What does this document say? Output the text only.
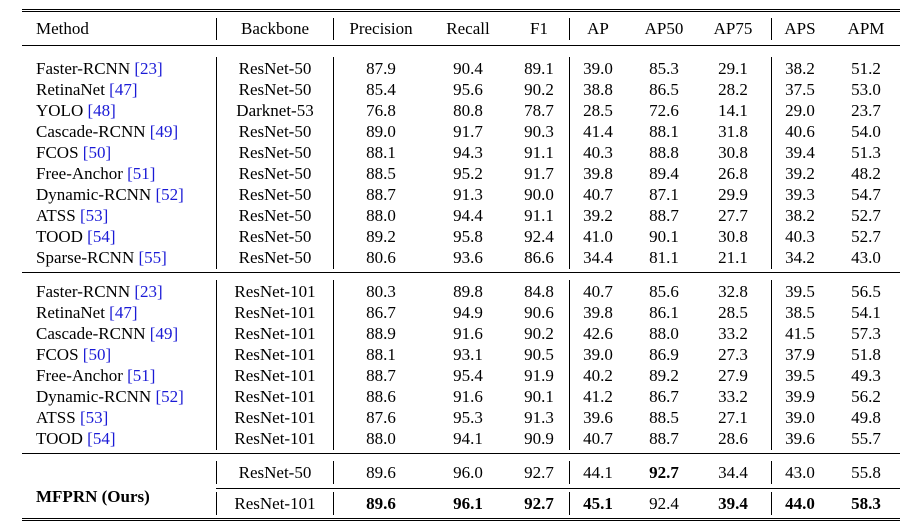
Method	Backbone Precision Recall F1 AP AP50 AP75 APS APM
Faster-RCNN [23]	ResNet-50	87.9	90.4 89.1 39.0 85.3 29.1 38.2 51.2
RetinaNet [47]	ResNet-50	85.4	95.6 90.2 38.8 86.5 28.2 37.5 53.0
YOLO [48]	Darknet-53	76.8	80.8 78.7 28.5 72.6 14.1 29.0 23.7
Cascade-RCNN [49]	ResNet-50	89.0	91.7 90.3 41.4 88.1 31.8 40.6 54.0
FCOS [50]	ResNet-50	88.1	94.3 91.1 40.3 88.8 30.8 39.4 51.3
Free-Anchor [51]	ResNet-50	88.5	95.2 91.7 39.8 89.4 26.8 39.2 48.2
Dynamic-RCNN [52]	ResNet-50	88.7	91.3 90.0 40.7 87.1 29.9 39.3 54.7
ATSS [53]	ResNet-50	88.0	94.4 91.1 39.2 88.7 27.7 38.2 52.7
TOOD [54]	ResNet-50	89.2	95.8 92.4 41.0 90.1 30.8 40.3 52.7
Sparse-RCNN [55]	ResNet-50	80.6	93.6 86.6 34.4 81.1 21.1 34.2 43.0
Faster-RCNN [23]	ResNet-101	80.3	89.8 84.8 40.7 85.6 32.8 39.5 56.5
RetinaNet [47]	ResNet-101	86.7	94.9 90.6 39.8 86.1 28.5 38.5 54.1
Cascade-RCNN [49]	ResNet-101	88.9	91.6 90.2 42.6 88.0 33.2 41.5 57.3
FCOS [50]	ResNet-101	88.1	93.1 90.5 39.0 86.9 27.3 37.9 51.8
Free-Anchor [51]	ResNet-101	88.7	95.4 91.9 40.2 89.2 27.9 39.5 49.3
Dynamic-RCNN [52]	ResNet-101	88.6	91.6 90.1 41.2 86.7 33.2 39.9 56.2
ATSS [53]	ResNet-101	87.6	95.3 91.3 39.6 88.5 27.1 39.0 49.8
TOOD [54]	ResNet-101	88.0	94.1 90.9 40.7 88.7 28.6 39.6 55.7
MFPRN (Ours)
ResNet-50	89.6	96.0 92.7 44.1 92.7 34.4 43.0 55.8
ResNet-101	89.6	96.1 92.7 45.1 92.4 39.4 44.0 58.3
